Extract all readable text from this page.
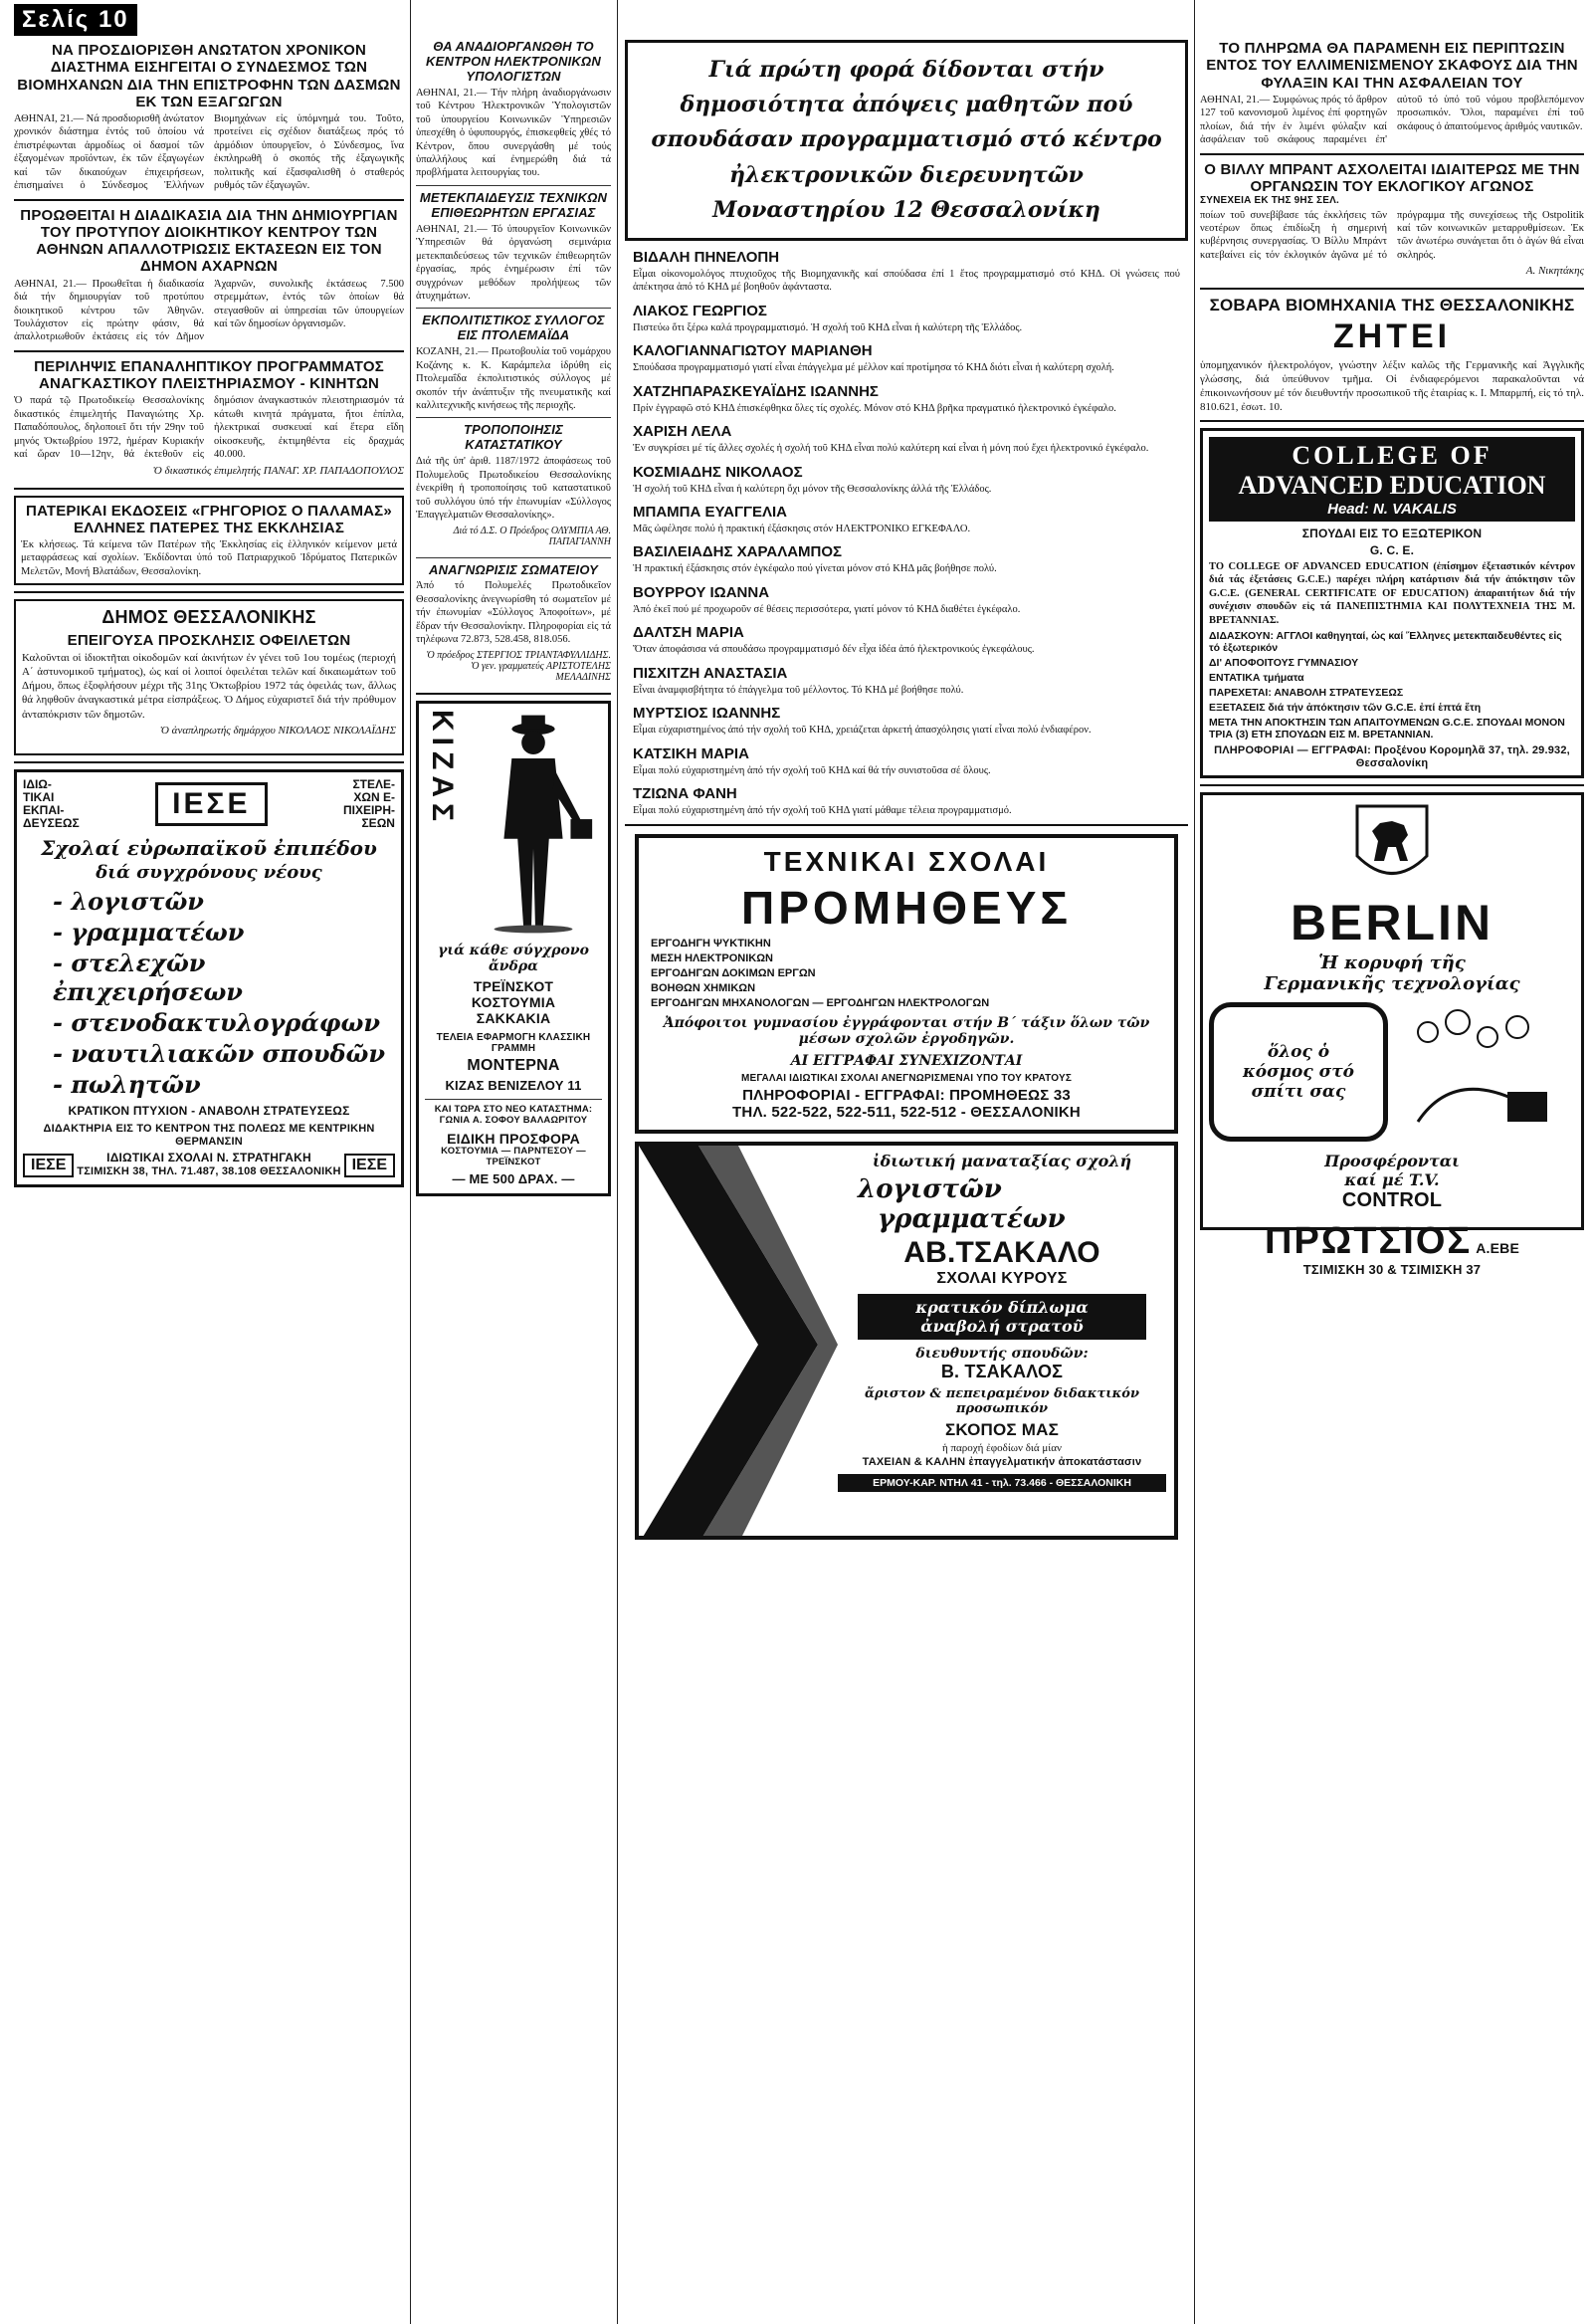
Σελίς 10

ΝΑ ΠΡΟΣΔΙΟΡΙΣΘΗ ΑΝΩΤΑΤΟΝ ΧΡΟΝΙΚΟΝ ΔΙΑΣΤΗΜΑ ΕΙΣΗΓΕΙΤΑΙ Ο ΣΥΝΔΕΣΜΟΣ ΤΩΝ ΒΙΟΜΗΧΑΝΩΝ ΔΙΑ ΤΗΝ ΕΠΙΣΤΡΟΦΗΝ ΤΩΝ ΔΑΣΜΩΝ ΕΚ ΤΩΝ ΕΞΑΓΩΓΩΝ

ΑΘΗΝΑΙ, 21.— Νά προσδιορισθῆ ἀνώτατον χρονικόν διάστημα ἐντός τοῦ ὁποίου νά ἐπιστρέφωνται ἀρμοδίως οἱ δασμοί τῶν ἐξαγομένων προϊόντων, ἐκ τῶν ἐξαγωγέων καί τῶν δικαιούχων ἐπιχειρήσεων, ἐπισημαίνει ὁ Σύνδεσμος Ἑλλήνων Βιομηχάνων εἰς ὑπόμνημά του. Τοῦτο, προτείνει εἰς σχέδιον διατάξεως πρός τό ἁρμόδιον ὑπουργεῖον, ὁ Σύνδεσμος, ἵνα ἐκπληρωθῆ ὁ σκοπός τῆς ἐξαγωγικῆς πολιτικῆς καί ἐξασφαλισθῆ ὁ σταθερός ρυθμός τῶν ἐξαγωγῶν.

ΠΡΟΩΘΕΙΤΑΙ Η ΔΙΑΔΙΚΑΣΙΑ ΔΙΑ ΤΗΝ ΔΗΜΙΟΥΡΓΙΑΝ ΤΟΥ ΠΡΟΤΥΠΟΥ ΔΙΟΙΚΗΤΙΚΟΥ ΚΕΝΤΡΟΥ ΤΩΝ ΑΘΗΝΩΝ ΑΠΑΛΛΟΤΡΙΩΣΙΣ ΕΚΤΑΣΕΩΝ ΕΙΣ ΤΟΝ ΔΗΜΟΝ ΑΧΑΡΝΩΝ

ΑΘΗΝΑΙ, 21.— Προωθεῖται ἡ διαδικασία διά τήν δημιουργίαν τοῦ προτύπου διοικητικοῦ κέντρου τῶν Ἀθηνῶν. Τουλάχιστον εἰς πρώτην φάσιν, θά ἀπαλλοτριωθοῦν ἐκτάσεις εἰς τόν Δῆμον Ἀχαρνῶν, συνολικῆς ἐκτάσεως 7.500 στρεμμάτων, ἐντός τῶν ὁποίων θά στεγασθοῦν αἱ ὑπηρεσίαι τῶν ὑπουργείων καί τῶν δημοσίων ὀργανισμῶν.

ΠΕΡΙΛΗΨΙΣ ΕΠΑΝΑΛΗΠΤΙΚΟΥ ΠΡΟΓΡΑΜΜΑΤΟΣ ΑΝΑΓΚΑΣΤΙΚΟΥ ΠΛΕΙΣΤΗΡΙΑΣΜΟΥ - ΚΙΝΗΤΩΝ

Ὁ παρά τῷ Πρωτοδικείῳ Θεσσαλονίκης δικαστικός ἐπιμελητής Παναγιώτης Χρ. Παπαδόπουλος, δηλοποιεῖ ὅτι τήν 29ην τοῦ μηνός Ὀκτωβρίου 1972, ἡμέραν Κυριακήν καί ὥραν 10—12ην, θά ἐκτεθοῦν εἰς δημόσιον ἀναγκαστικόν πλειστηριασμόν τά κάτωθι κινητά πράγματα, ἤτοι ἐπίπλα, ἠλεκτρικαί συσκευαί καί ἕτερα εἴδη οἰκοσκευῆς, ἐκτιμηθέντα εἰς δραχμάς 40.000.

Ὁ δικαστικός ἐπιμελητής ΠΑΝΑΓ. ΧΡ. ΠΑΠΑΔΟΠΟΥΛΟΣ

ΠΑΤΕΡΙΚΑΙ ΕΚΔΟΣΕΙΣ «ΓΡΗΓΟΡΙΟΣ Ο ΠΑΛΑΜΑΣ» ΕΛΛΗΝΕΣ ΠΑΤΕΡΕΣ ΤΗΣ ΕΚΚΛΗΣΙΑΣ

Ἐκ κλήσεως. Τά κείμενα τῶν Πατέρων τῆς Ἐκκλησίας εἰς ἑλληνικόν κείμενον μετά μεταφράσεως καί σχολίων. Ἐκδίδονται ὑπό τοῦ Πατριαρχικοῦ Ἱδρύματος Πατερικῶν Μελετῶν, Μονή Βλατάδων, Θεσσαλονίκη.

ΔΗΜΟΣ ΘΕΣΣΑΛΟΝΙΚΗΣ

ΕΠΕΙΓΟΥΣΑ ΠΡΟΣΚΛΗΣΙΣ ΟΦΕΙΛΕΤΩΝ

Καλοῦνται οἱ ἰδιοκτῆται οἰκοδομῶν καί ἀκινήτων ἐν γένει τοῦ 1ου τομέως (περιοχή Α΄ ἀστυνομικοῦ τμήματος), ὡς καί οἱ λοιποί ὀφειλέται τελῶν καί δικαιωμάτων τοῦ Δήμου, ὅπως ἐξοφλήσουν μέχρι τῆς 31ης Ὀκτωβρίου 1972 τάς ὀφειλάς των, ἄλλως θά ληφθοῦν ἀναγκαστικά μέτρα εἰσπράξεως. Ὁ Δήμος εὐχαριστεῖ διά τήν πρόθυμον ἀνταπόκρισιν τῶν δημοτῶν.

Ὁ ἀναπληρωτής δημάρχου ΝΙΚΟΛΑΟΣ ΝΙΚΟΛΑΪΔΗΣ

ΙΔΙΩ-
ΤΙΚΑΙ
ΕΚΠΑΙ-
ΔΕΥΣΕΩΣ
ΙΕΣΕ
ΣΤΕΛΕ-
ΧΩΝ Ε-
ΠΙΧΕΙΡΗ-
ΣΕΩΝ

Σχολαί εὐρωπαϊκοῦ ἐπιπέδου

διά συγχρόνους νέους

- λογιστῶν
- γραμματέων
- στελεχῶν ἐπιχειρήσεων
- στενοδακτυλογράφων
- ναυτιλιακῶν σπουδῶν
- πωλητῶν

ΚΡΑΤΙΚΟΝ ΠΤΥΧΙΟΝ - ΑΝΑΒΟΛΗ ΣΤΡΑΤΕΥΣΕΩΣ

ΔΙΔΑΚΤΗΡΙΑ ΕΙΣ ΤΟ ΚΕΝΤΡΟΝ ΤΗΣ ΠΟΛΕΩΣ ΜΕ ΚΕΝΤΡΙΚΗΝ ΘΕΡΜΑΝΣΙΝ

ΙΕΣΕ	ΙΔΙΩΤΙΚΑΙ ΣΧΟΛΑΙ Ν. ΣΤΡΑΤΗΓΑΚΗ
ΤΣΙΜΙΣΚΗ 38, ΤΗΛ. 71.487, 38.108 ΘΕΣΣΑΛΟΝΙΚΗ ΙΕΣΕ

ΘΑ ΑΝΑΔΙΟΡΓΑΝΩΘΗ ΤΟ ΚΕΝΤΡΟΝ ΗΛΕΚΤΡΟΝΙΚΩΝ ΥΠΟΛΟΓΙΣΤΩΝ

ΑΘΗΝΑΙ, 21.— Τήν πλήρη ἀναδιοργάνωσιν τοῦ Κέντρου Ἠλεκτρονικῶν Ὑπολογιστῶν τοῦ ὑπουργείου Κοινωνικῶν Ὑπηρεσιῶν ὑπεσχέθη ὁ ὑφυπουργός, ἐπισκεφθείς χθές τό Κέντρον, ὅπου συνεργάσθη μέ τούς ὑπαλλήλους καί ἐνημερώθη διά τά προβλήματα λειτουργίας του.

ΜΕΤΕΚΠΑΙΔΕΥΣΙΣ ΤΕΧΝΙΚΩΝ ΕΠΙΘΕΩΡΗΤΩΝ ΕΡΓΑΣΙΑΣ

ΑΘΗΝΑΙ, 21.— Τό ὑπουργεῖον Κοινωνικῶν Ὑπηρεσιῶν θά ὀργανώση σεμινάρια μετεκπαιδεύσεως τῶν τεχνικῶν ἐπιθεωρητῶν ἐργασίας, πρός ἐνημέρωσιν ἐπί τῶν συγχρόνων μεθόδων προλήψεως τῶν ἀτυχημάτων.

ΕΚΠΟΛΙΤΙΣΤΙΚΟΣ ΣΥΛΛΟΓΟΣ ΕΙΣ ΠΤΟΛΕΜΑΪΔΑ

ΚΟΖΑΝΗ, 21.— Πρωτοβουλία τοῦ νομάρχου Κοζάνης κ. Κ. Καράμπελα ἱδρύθη εἰς Πτολεμαΐδα ἐκπολιτιστικός σύλλογος μέ σκοπόν τήν ἀνάπτυξιν τῆς πνευματικῆς καί καλλιτεχνικῆς κινήσεως τῆς περιοχῆς.

ΤΡΟΠΟΠΟΙΗΣΙΣ ΚΑΤΑΣΤΑΤΙΚΟΥ

Διά τῆς ὑπ' ἀριθ. 1187/1972 ἀποφάσεως τοῦ Πολυμελοῦς Πρωτοδικείου Θεσσαλονίκης ἐνεκρίθη ἡ τροποποίησις τοῦ καταστατικοῦ τοῦ συλλόγου ὑπό τήν ἐπωνυμίαν «Σύλλογος Ἐπαγγελματιῶν Θεσσαλονίκης».

Διά τό Δ.Σ. Ο Πρόεδρος ΟΛΥΜΠΙΑ ΑΘ. ΠΑΠΑΓΙΑΝΝΗ

ΑΝΑΓΝΩΡΙΣΙΣ ΣΩΜΑΤΕΙΟΥ

Ἀπό τό Πολυμελές Πρωτοδικεῖον Θεσσαλονίκης ἀνεγνωρίσθη τό σωματεῖον μέ τήν ἐπωνυμίαν «Σύλλογος Ἀποφοίτων», μέ ἕδραν τήν Θεσσαλονίκην. Πληροφορίαι εἰς τά τηλέφωνα 72.873, 528.458, 818.056.

Ὁ πρόεδρος ΣΤΕΡΓΙΟΣ ΤΡΙΑΝΤΑΦΥΛΛΙΔΗΣ. Ὁ γεν. γραμματεύς ΑΡΙΣΤΟΤΕΛΗΣ ΜΕΛΑΔΙΝΗΣ

ΚΙΖΑΣ

γιά κάθε σύγχρονο ἄνδρα

ΤΡΕΪΝΣΚΟΤ
ΚΟΣΤΟΥΜΙΑ
ΣΑΚΚΑΚΙΑ

ΤΕΛΕΙΑ ΕΦΑΡΜΟΓΗ ΚΛΑΣΣΙΚΗ ΓΡΑΜΜΗ

ΜΟΝΤΕΡΝΑ

ΚΙΖΑΣ ΒΕΝΙΖΕΛΟΥ 11

ΚΑΙ ΤΩΡΑ ΣΤΟ ΝΕΟ ΚΑΤΑΣΤΗΜΑ: ΓΩΝΙΑ Α. ΣΟΦΟΥ ΒΑΛΑΩΡΙΤΟΥ

ΕΙΔΙΚΗ ΠΡΟΣΦΟΡΑ

ΚΟΣΤΟΥΜΙΑ — ΠΑΡΝΤΕΣΟΥ — ΤΡΕΪΝΣΚΟΤ

— ΜΕ 500 ΔΡΑΧ. —

Γιά πρώτη φορά δίδονται στήν δημοσιότητα ἀπόψεις μαθητῶν πού σπουδάσαν προγραμματισμό στό κέντρο ἠλεκτρονικῶν διερευνητῶν Μοναστηρίου 12 Θεσσαλονίκη

ΒΙΔΑΛΗ ΠΗΝΕΛΟΠΗ

Εἶμαι οἰκονομολόγος πτυχιοῦχος τῆς Βιομηχανικῆς καί σπούδασα ἐπί 1 ἔτος προγραμματισμό στό ΚΗΔ. Οἱ γνώσεις πού ἀπέκτησα ἀπό τό ΚΗΔ μέ βοηθοῦν ἀφάνταστα.

ΛΙΑΚΟΣ ΓΕΩΡΓΙΟΣ

Πιστεύω ὅτι ξέρω καλά προγραμματισμό. Ἡ σχολή τοῦ ΚΗΔ εἶναι ἡ καλύτερη τῆς Ἑλλάδος.

ΚΑΛΟΓΙΑΝΝΑΓΙΩΤΟΥ ΜΑΡΙΑΝΘΗ

Σπούδασα προγραμματισμό γιατί εἶναι ἐπάγγελμα μέ μέλλον καί προτίμησα τό ΚΗΔ διότι εἶναι ἡ καλύτερη σχολή.

ΧΑΤΖΗΠΑΡΑΣΚΕΥΑΪΔΗΣ ΙΩΑΝΝΗΣ

Πρίν ἐγγραφῶ στό ΚΗΔ ἐπισκέφθηκα ὅλες τίς σχολές. Μόνον στό ΚΗΔ βρῆκα πραγματικό ἠλεκτρονικό ἐγκέφαλο.

ΧΑΡΙΣΗ ΛΕΛΑ

Ἐν συγκρίσει μέ τίς ἄλλες σχολές ἡ σχολή τοῦ ΚΗΔ εἶναι πολύ καλύτερη καί εἶναι ἡ μόνη πού ἔχει ἠλεκτρονικό ἐγκέφαλο.

ΚΟΣΜΙΑΔΗΣ ΝΙΚΟΛΑΟΣ

Ἡ σχολή τοῦ ΚΗΔ εἶναι ἡ καλύτερη ὄχι μόνον τῆς Θεσσαλονίκης ἀλλά τῆς Ἑλλάδος.

ΜΠΑΜΠΑ ΕΥΑΓΓΕΛΙΑ

Μᾶς ὠφέλησε πολύ ἡ πρακτική ἐξάσκησις στόν ΗΛΕΚΤΡΟΝΙΚΟ ΕΓΚΕΦΑΛΟ.

ΒΑΣΙΛΕΙΑΔΗΣ ΧΑΡΑΛΑΜΠΟΣ

Ἡ πρακτική ἐξάσκησις στόν ἐγκέφαλο πού γίνεται μόνον στό ΚΗΔ μᾶς βοήθησε πολύ.

ΒΟΥΡΡΟΥ ΙΩΑΝΝΑ

Ἀπό ἐκεῖ πού μέ προχωροῦν σέ θέσεις περισσότερα, γιατί μόνον τό ΚΗΔ διαθέτει ἐγκέφαλο.

ΔΑΛΤΣΗ ΜΑΡΙΑ

Ὅταν ἀποφάσισα νά σπουδάσω προγραμματισμό δέν εἶχα ἰδέα ἀπό ἠλεκτρονικούς ἐγκεφάλους.

ΠΙΣΧΙΤΖΗ ΑΝΑΣΤΑΣΙΑ

Εἶναι ἀναμφισβήτητα τό ἐπάγγελμα τοῦ μέλλοντος. Τό ΚΗΔ μέ βοήθησε πολύ.

ΜΥΡΤΣΙΟΣ ΙΩΑΝΝΗΣ

Εἶμαι εὐχαριστημένος ἀπό τήν σχολή τοῦ ΚΗΔ, χρειάζεται ἀρκετή ἀπασχόλησις γιατί εἶναι πολύ ἐνδιαφέρον.

ΚΑΤΣΙΚΗ ΜΑΡΙΑ

Εἶμαι πολύ εὐχαριστημένη ἀπό τήν σχολή τοῦ ΚΗΔ καί θά τήν συνιστοῦσα σέ ὅλους.

ΤΖΙΩΝΑ ΦΑΝΗ

Εἶμαι πολύ εὐχαριστημένη ἀπό τήν σχολή τοῦ ΚΗΔ γιατί μάθαμε τέλεια προγραμματισμό.

ΤΕΧΝΙΚΑΙ ΣΧΟΛΑΙ

ΠΡΟΜΗΘΕΥΣ

ΕΡΓΟΔΗΓΗ ΨΥΚΤΙΚΗΝ
ΜΕΣΗ ΗΛΕΚΤΡΟΝΙΚΩΝ
ΕΡΓΟΔΗΓΩΝ ΔΟΚΙΜΩΝ ΕΡΓΩΝ
ΒΟΗΘΩΝ ΧΗΜΙΚΩΝ
ΕΡΓΟΔΗΓΩΝ ΜΗΧΑΝΟΛΟΓΩΝ — ΕΡΓΟΔΗΓΩΝ ΗΛΕΚΤΡΟΛΟΓΩΝ

Ἀπόφοιτοι γυμνασίου ἐγγράφονται στήν Β΄ τάξιν ὅλων τῶν μέσων σχολῶν ἐργοδηγῶν.

ΑΙ ΕΓΓΡΑΦΑΙ ΣΥΝΕΧΙΖΟΝΤΑΙ

ΜΕΓΑΛΑΙ ΙΔΙΩΤΙΚΑΙ ΣΧΟΛΑΙ ΑΝΕΓΝΩΡΙΣΜΕΝΑΙ ΥΠΟ ΤΟΥ ΚΡΑΤΟΥΣ

ΠΛΗΡΟΦΟΡΙΑΙ - ΕΓΓΡΑΦΑΙ: ΠΡΟΜΗΘΕΩΣ 33

ΤΗΛ. 522-522, 522-511, 522-512 - ΘΕΣΣΑΛΟΝΙΚΗ

ἰδιωτική μαναταξίας σχολή

λογιστῶν

γραμματέων

ΑΒ.ΤΣΑΚΑΛΟ

ΣΧΟΛΑΙ ΚΥΡΟΥΣ

κρατικόν δίπλωμα
ἀναβολή στρατοῦ

διευθυντής σπουδῶν:

Β. ΤΣΑΚΑΛΟΣ

ἄριστον & πεπειραμένον διδακτικόν προσωπικόν

ΣΚΟΠΟΣ ΜΑΣ

ἡ παροχή ἐφοδίων διά μίαν

ΤΑΧΕΙΑΝ & ΚΑΛΗΝ ἐπαγγελματικήν ἀποκατάστασιν

ΕΡΜΟΥ-ΚΑΡ. ΝΤΗΛ 41 - τηλ. 73.466 - ΘΕΣΣΑΛΟΝΙΚΗ

ΤΟ ΠΛΗΡΩΜΑ ΘΑ ΠΑΡΑΜΕΝΗ ΕΙΣ ΠΕΡΙΠΤΩΣΙΝ ΕΝΤΟΣ ΤΟΥ ΕΛΛΙΜΕΝΙΣΜΕΝΟΥ ΣΚΑΦΟΥΣ ΔΙΑ ΤΗΝ ΦΥΛΑΞΙΝ ΚΑΙ ΤΗΝ ΑΣΦΑΛΕΙΑΝ ΤΟΥ

ΑΘΗΝΑΙ, 21.— Συμφώνως πρός τό ἄρθρον 127 τοῦ κανονισμοῦ λιμένος ἐπί φορτηγῶν πλοίων, διά τήν ἐν λιμένι φύλαξιν καί ἀσφάλειαν τοῦ σκάφους παραμένει ἐπ' αὐτοῦ τό ὑπό τοῦ νόμου προβλεπόμενον προσωπικόν. Ὅλοι, παραμένει ἐπί τοῦ σκάφους ὁ ἀπαιτούμενος ἀριθμός ναυτικῶν.

Ο ΒΙΛΛΥ ΜΠΡΑΝΤ ΑΣΧΟΛΕΙΤΑΙ ΙΔΙΑΙΤΕΡΩΣ ΜΕ ΤΗΝ ΟΡΓΑΝΩΣΙΝ ΤΟΥ ΕΚΛΟΓΙΚΟΥ ΑΓΩΝΟΣ

ΣΥΝΕΧΕΙΑ ΕΚ ΤΗΣ 9ΗΣ ΣΕΛ.

ποίων τοῦ συνεβίβασε τάς ἐκκλήσεις τῶν νεοτέρων ὅπως ἐπιδίωξη ἡ σημερινή κυβέρνησις συνεργασίας. Ὁ Βίλλυ Μπράντ κατεβαίνει εἰς τόν ἐκλογικόν ἀγῶνα μέ τό πρόγραμμα τῆς συνεχίσεως τῆς Ostpolitik καί τῶν κοινωνικῶν μεταρρυθμίσεων. Ἐκ τῶν ἀνωτέρω συνάγεται ὅτι ὁ ἀγών θά εἶναι σκληρός.

Α. Νικητάκης

ΣΟΒΑΡΑ ΒΙΟΜΗΧΑΝΙΑ ΤΗΣ ΘΕΣΣΑΛΟΝΙΚΗΣ

ΖΗΤΕΙ

ὑπομηχανικόν ἠλεκτρολόγον, γνώστην λέξιν καλῶς τῆς Γερμανικῆς καί Ἀγγλικῆς γλώσσης, διά ὑπεύθυνον τμῆμα. Οἱ ἐνδιαφερόμενοι παρακαλοῦνται νά ἐπικοινωνήσουν μέ τόν διευθυντήν προσωπικοῦ τῆς ἑταιρίας κ. Ι. Μπαρμπή, εἰς τό τηλ. 810.621, ἐσωτ. 10.

COLLEGE OF
ADVANCED EDUCATION
Head: N. VAKALIS

ΣΠΟΥΔΑΙ ΕΙΣ ΤΟ ΕΞΩΤΕΡΙΚΟΝ

G. C. E.

ΤΟ COLLEGE OF ADVANCED EDUCATION (ἐπίσημον ἐξεταστικόν κέντρον διά τάς ἐξετάσεις G.C.E.) παρέχει πλήρη κατάρτισιν διά τήν ἀπόκτησιν τῶν G.C.E. (GENERAL CERTIFICATE OF EDUCATION) ἀπαραιτήτων διά τήν συνέχισιν σπουδῶν εἰς τά ΠΑΝΕΠΙΣΤΗΜΙΑ ΚΑΙ ΠΟΛΥΤΕΧΝΕΙΑ ΤΗΣ Μ. ΒΡΕΤΑΝΝΙΑΣ.

ΔΙΔΑΣΚΟΥΝ: ΑΓΓΛΟΙ καθηγηταί, ὡς καί Ἕλληνες μετεκπαιδευθέντες εἰς τό ἐξωτερικόν
ΔΙ' ΑΠΟΦΟΙΤΟΥΣ ΓΥΜΝΑΣΙΟΥ
ΕΝΤΑΤΙΚΑ τμήματα
ΠΑΡΕΧΕΤΑΙ: ΑΝΑΒΟΛΗ ΣΤΡΑΤΕΥΣΕΩΣ
ΕΞΕΤΑΣΕΙΣ διά τήν ἀπόκτησιν τῶν G.C.E. ἐπί ἑπτά ἔτη
ΜΕΤΑ ΤΗΝ ΑΠΟΚΤΗΣΙΝ ΤΩΝ ΑΠΑΙΤΟΥΜΕΝΩΝ G.C.E. ΣΠΟΥΔΑΙ ΜΟΝΟΝ ΤΡΙΑ (3) ΕΤΗ ΣΠΟΥΔΩΝ ΕΙΣ Μ. ΒΡΕΤΑΝΝΙΑΝ.

ΠΛΗΡΟΦΟΡΙΑΙ — ΕΓΓΡΑΦΑΙ: Προξένου Κορομηλᾶ 37, τηλ. 29.932, Θεσσαλονίκη

BERLIN

Ἡ κορυφή τῆς

Γερμανικῆς τεχνολογίας

ὅλος ὁ κόσμος στό σπίτι σας
Προσφέρονται
καί μέ T.V.
CONTROL
ΠΡΩΤΣΙΟΣ Α.ΕΒΕ

ΤΣΙΜΙΣΚΗ 30 & ΤΣΙΜΙΣΚΗ 37
